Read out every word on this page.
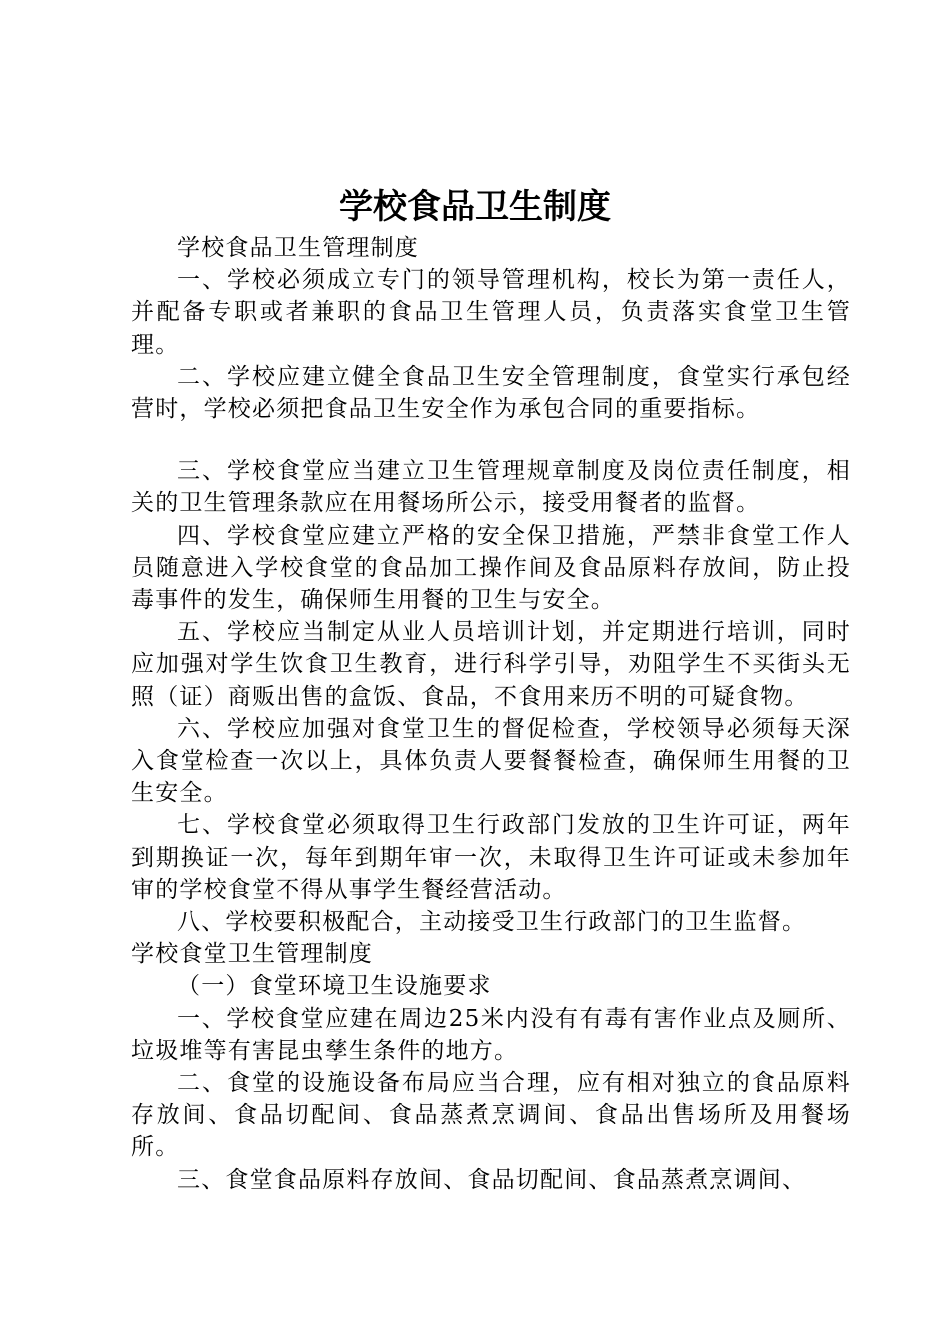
学校食品卫生制度

学校食品卫生管理制度

一、学校必须成立专门的领导管理机构，校长为第一责任人，并配备专职或者兼职的食品卫生管理人员，负责落实食堂卫生管理。

二、学校应建立健全食品卫生安全管理制度，食堂实行承包经营时，学校必须把食品卫生安全作为承包合同的重要指标。

三、学校食堂应当建立卫生管理规章制度及岗位责任制度，相关的卫生管理条款应在用餐场所公示，接受用餐者的监督。

四、学校食堂应建立严格的安全保卫措施，严禁非食堂工作人员随意进入学校食堂的食品加工操作间及食品原料存放间，防止投毒事件的发生，确保师生用餐的卫生与安全。

五、学校应当制定从业人员培训计划，并定期进行培训，同时应加强对学生饮食卫生教育，进行科学引导，劝阻学生不买街头无照（证）商贩出售的盒饭、食品，不食用来历不明的可疑食物。

六、学校应加强对食堂卫生的督促检查，学校领导必须每天深入食堂检查一次以上，具体负责人要餐餐检查，确保师生用餐的卫生安全。

七、学校食堂必须取得卫生行政部门发放的卫生许可证，两年到期换证一次，每年到期年审一次，未取得卫生许可证或未参加年审的学校食堂不得从事学生餐经营活动。

八、学校要积极配合，主动接受卫生行政部门的卫生监督。

学校食堂卫生管理制度

（一）食堂环境卫生设施要求

一、学校食堂应建在周边25米内没有有毒有害作业点及厕所、垃圾堆等有害昆虫孳生条件的地方。

二、食堂的设施设备布局应当合理，应有相对独立的食品原料存放间、食品切配间、食品蒸煮烹调间、食品出售场所及用餐场所。

三、食堂食品原料存放间、食品切配间、食品蒸煮烹调间、
